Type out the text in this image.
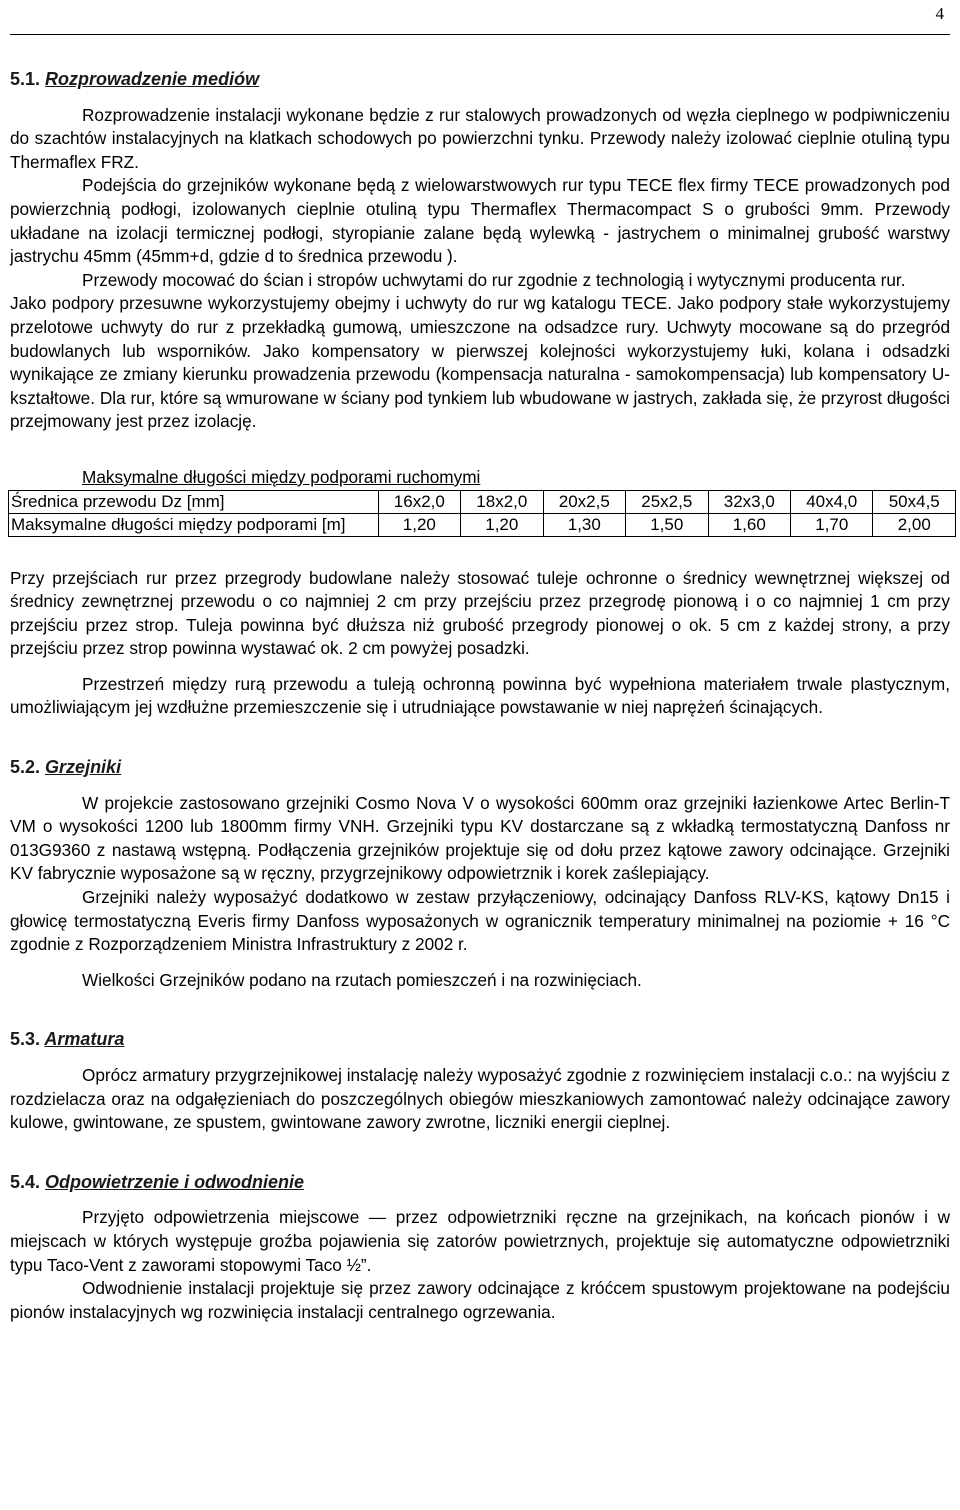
4
5.1. Rozprowadzenie mediów

Rozprowadzenie instalacji wykonane będzie z rur stalowych prowadzonych od węzła cieplnego w podpiwniczeniu do szachtów instalacyjnych na klatkach schodowych po powierzchni tynku. Przewody należy izolować cieplnie otuliną typu Thermaflex FRZ.

Podejścia do grzejników wykonane będą z wielowarstwowych rur typu TECE flex firmy TECE prowadzonych pod powierzchnią podłogi, izolowanych cieplnie otuliną typu Thermaflex Thermacompact S o grubości 9mm. Przewody układane na izolacji termicznej podłogi, styropianie zalane będą wylewką - jastrychem o minimalnej grubość warstwy jastrychu 45mm (45mm+d, gdzie d to średnica przewodu ).

Przewody mocować do ścian i stropów uchwytami do rur zgodnie z technologią i wytycznymi producenta rur.

Jako podpory przesuwne wykorzystujemy obejmy i uchwyty do rur wg katalogu TECE. Jako podpory stałe wykorzystujemy przelotowe uchwyty do rur z przekładką gumową, umieszczone na odsadzce rury. Uchwyty mocowane są do przegród budowlanych lub wsporników. Jako kompensatory w pierwszej kolejności wykorzystujemy łuki, kolana i odsadzki wynikające ze zmiany kierunku prowadzenia przewodu (kompensacja naturalna - samokompensacja) lub kompensatory U-kształtowe. Dla rur, które są wmurowane w ściany pod tynkiem lub wbudowane w jastrych, zakłada się, że przyrost długości przejmowany jest przez izolację.

Maksymalne długości między podporami ruchomymi

Średnica przewodu Dz [mm]	16x2,0	18x2,0	20x2,5	25x2,5	32x3,0	40x4,0	50x4,5
Maksymalne długości między podporami [m]	1,20	1,20	1,30	1,50	1,60	1,70	2,00

Przy przejściach rur przez przegrody budowlane należy stosować tuleje ochronne o średnicy wewnętrznej większej od średnicy zewnętrznej przewodu o co najmniej 2 cm przy przejściu przez przegrodę pionową i o co najmniej 1 cm przy przejściu przez strop. Tuleja powinna być dłuższa niż grubość przegrody pionowej o ok. 5 cm z każdej strony, a przy przejściu przez strop powinna wystawać ok. 2 cm powyżej posadzki.

Przestrzeń między rurą przewodu a tuleją ochronną powinna być wypełniona materiałem trwale plastycznym, umożliwiającym jej wzdłużne przemieszczenie się i utrudniające powstawanie w niej naprężeń ścinających.

5.2. Grzejniki

W projekcie zastosowano grzejniki Cosmo Nova V o wysokości 600mm oraz grzejniki łazienkowe Artec Berlin-T VM o wysokości 1200 lub 1800mm firmy VNH. Grzejniki typu KV dostarczane są z wkładką termostatyczną Danfoss nr 013G9360 z nastawą wstępną. Podłączenia grzejników projektuje się od dołu przez kątowe zawory odcinające. Grzejniki KV fabrycznie wyposażone są w ręczny, przygrzejnikowy odpowietrznik i korek zaślepiający.

Grzejniki należy wyposażyć dodatkowo w zestaw przyłączeniowy, odcinający Danfoss RLV-KS, kątowy Dn15 i głowicę termostatyczną Everis firmy Danfoss wyposażonych w ogranicznik temperatury minimalnej na poziomie + 16 °C zgodnie z Rozporządzeniem Ministra Infrastruktury z 2002 r.

Wielkości Grzejników podano na rzutach pomieszczeń i na rozwinięciach.

5.3. Armatura

Oprócz armatury przygrzejnikowej instalację należy wyposażyć zgodnie z rozwinięciem instalacji c.o.: na wyjściu z rozdzielacza oraz na odgałęzieniach do poszczególnych obiegów mieszkaniowych zamontować należy odcinające zawory kulowe, gwintowane, ze spustem, gwintowane zawory zwrotne, liczniki energii cieplnej.

5.4. Odpowietrzenie i odwodnienie

Przyjęto odpowietrzenia miejscowe — przez odpowietrzniki ręczne na grzejnikach, na końcach pionów i w miejscach w których występuje groźba pojawienia się zatorów powietrznych, projektuje się automatyczne odpowietrzniki typu Taco-Vent z zaworami stopowymi Taco ½”.

Odwodnienie instalacji projektuje się przez zawory odcinające z króćcem spustowym projektowane na podejściu pionów instalacyjnych wg rozwinięcia instalacji centralnego ogrzewania.
